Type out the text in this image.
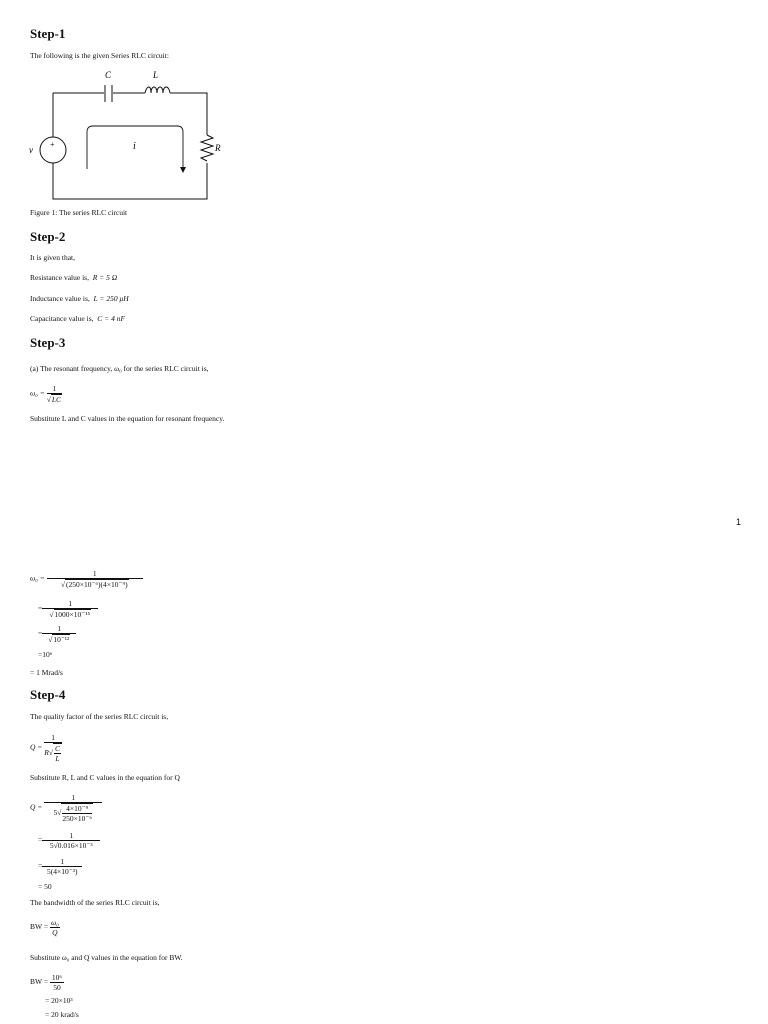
Step-1
The following is the given Series RLC circuit:
C	L
v	i	R
+
Figure 1: The series RLC circuit
Step-2
It is given that,
Resistance value is, R = 5 Ω
Inductance value is, L = 250 μH
Capacitance value is, C = 4 nF
Step-3
(a) The resonant frequency, ω₀ for the series RLC circuit is,
$\omega_0 = \frac{1}{√LC}$
Substitute L and C values in the equation for resonant frequency.
1
$\omega_0 = \frac{1}{\text{√(250×10⁻⁶)(4×10⁻⁹)}}$
= $\frac{1}{\text{√1000×10⁻¹⁵}}$
= $\frac{1}{\text{√10⁻¹²}}$
=10⁶
= 1 Mrad/s
Step-4
The quality factor of the series RLC circuit is,
$Q = \frac{1}{R√ \frac{C}{L}}$
Substitute R, L and C values in the equation for Q
$Q = \frac{1}{5√ \frac{\text{4×10⁻⁹}}{\text{250×10⁻⁶}}}$
= $\frac{1}{\text{5√0.016×10⁻³}}$
= $\frac{1}{\text{5(4×10⁻³)}}$
= 50
The bandwidth of the series RLC circuit is,
BW = $\frac{\text{ω₀}}{Q}$
Substitute ω₀ and Q values in the equation for BW.
BW = $\frac{\text{10⁶}}{50}$
= 20×10³
= 20 krad/s
